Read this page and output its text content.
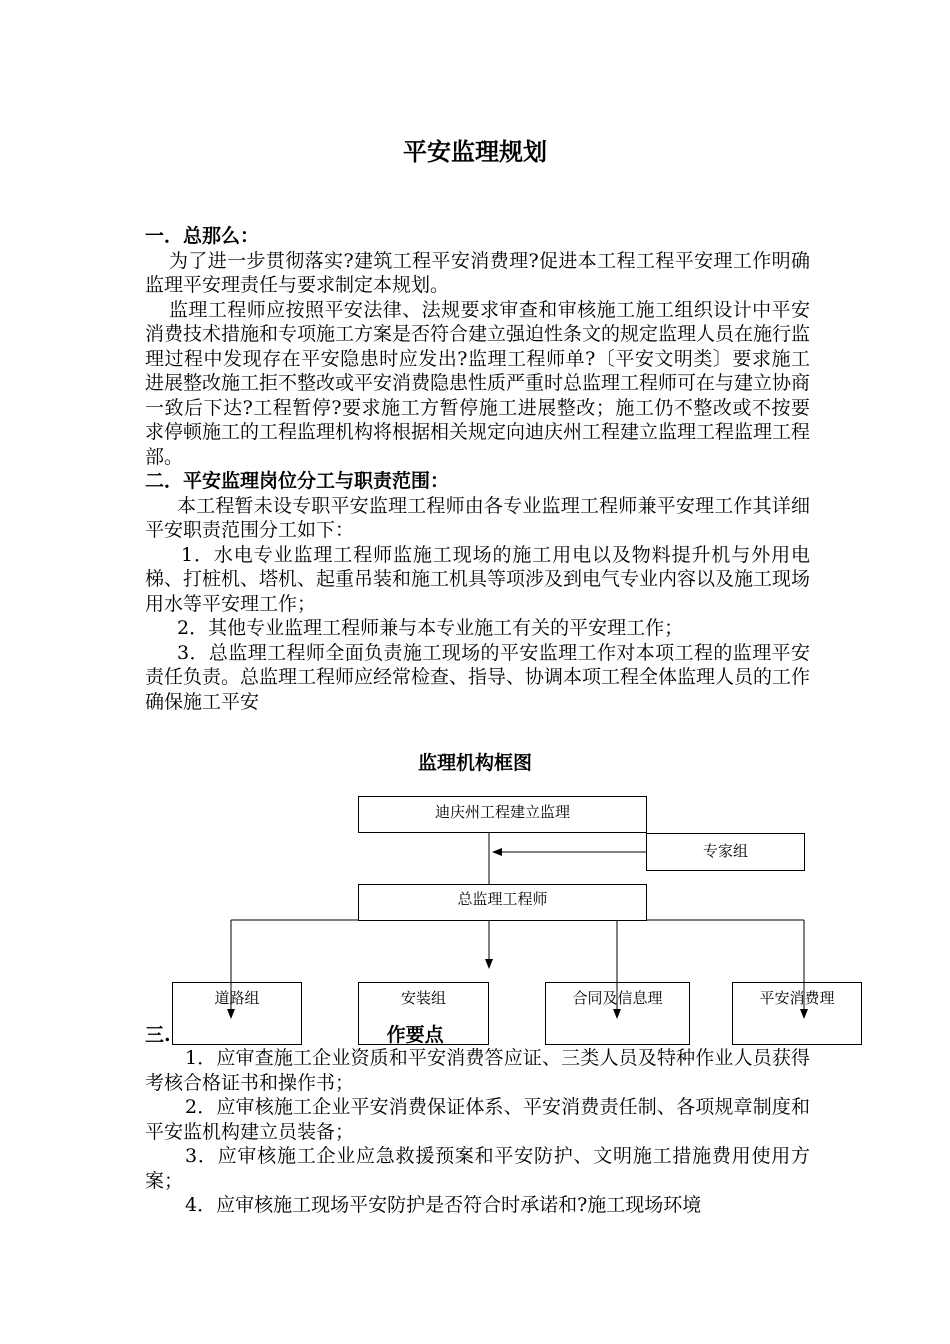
平安监理规划

一．总那么：

为了进一步贯彻落实?建筑工程平安消费理?促进本工程工程平安理工作明确监理平安理责任与要求制定本规划。

监理工程师应按照平安法律、法规要求审查和审核施工施工组织设计中平安消费技术措施和专项施工方案是否符合建立强迫性条文的规定监理人员在施行监理过程中发现存在平安隐患时应发出?监理工程师单?〔平安文明类〕要求施工进展整改施工拒不整改或平安消费隐患性质严重时总监理工程师可在与建立协商一致后下达?工程暂停?要求施工方暂停施工进展整改；施工仍不整改或不按要求停顿施工的工程监理机构将根据相关规定向迪庆州工程建立监理工程监理工程部。

二．平安监理岗位分工与职责范围：

本工程暂未设专职平安监理工程师由各专业监理工程师兼平安理工作其详细平安职责范围分工如下：

1．水电专业监理工程师监施工现场的施工用电以及物料提升机与外用电梯、打桩机、塔机、起重吊装和施工机具等项涉及到电气专业内容以及施工现场用水等平安理工作；

2．其他专业监理工程师兼与本专业施工有关的平安理工作；

3．总监理工程师全面负责施工现场的平安监理工作对本项工程的监理平安责任负责。总监理工程师应经常检查、指导、协调本项工程全体监理人员的工作确保施工平安

监理机构框图
迪庆州工程建立监理
专家组
总监理工程师
道路组	安装组	合同及信息理	平安消费理
三.	作要点

1．应审查施工企业资质和平安消费答应证、三类人员及特种作业人员获得考核合格证书和操作书；

2．应审核施工企业平安消费保证体系、平安消费责任制、各项规章制度和平安监机构建立员装备；

3．应审核施工企业应急救援预案和平安防护、文明施工措施费用使用方案；

4．应审核施工现场平安防护是否符合时承诺和?施工现场环境
